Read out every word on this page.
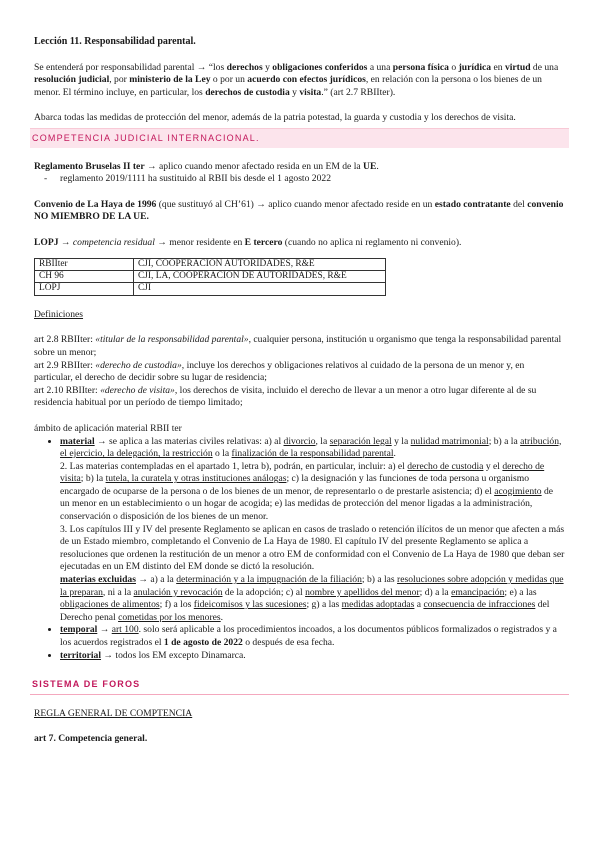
Lección 11. Responsabilidad parental.

Se entenderá por responsabilidad parental → “los derechos y obligaciones conferidos a una persona física o jurídica en virtud de una resolución judicial, por ministerio de la Ley o por un acuerdo con efectos jurídicos, en relación con la persona o los bienes de un menor. El término incluye, en particular, los derechos de custodia y visita.” (art 2.7 RBIIter).

Abarca todas las medidas de protección del menor, además de la patria potestad, la guarda y custodia y los derechos de visita.

COMPETENCIA JUDICIAL INTERNACIONAL.

Reglamento Bruselas II ter → aplico cuando menor afectado resida en un EM de la UE.

-	reglamento 2019/1111 ha sustituido al RBII bis desde el 1 agosto 2022

Convenio de La Haya de 1996 (que sustituyó al CH’61) → aplico cuando menor afectado reside en un estado contratante del convenio NO MIEMBRO DE LA UE.

LOPJ → competencia residual → menor residente en E tercero (cuando no aplica ni reglamento ni convenio).

RBIIter	CJI, COOPERACION AUTORIDADES, R&E
CH 96	CJI, LA, COOPERACION DE AUTORIDADES, R&E
LOPJ	CJI

Definiciones

art 2.8 RBIIter: «titular de la responsabilidad parental», cualquier persona, institución u organismo que tenga la responsabilidad parental sobre un menor;

art 2.9 RBIIter: «derecho de custodia», incluye los derechos y obligaciones relativos al cuidado de la persona de un menor y, en particular, el derecho de decidir sobre su lugar de residencia;

art 2.10 RBIIter: «derecho de visita», los derechos de visita, incluido el derecho de llevar a un menor a otro lugar diferente al de su residencia habitual por un período de tiempo limitado;

ámbito de aplicación material RBII ter

• material → se aplica a las materias civiles relativas: a) al divorcio, la separación legal y la nulidad matrimonial; b) a la atribución, el ejercicio, la delegación, la restricción o la finalización de la responsabilidad parental.

2. Las materias contempladas en el apartado 1, letra b), podrán, en particular, incluir: a) el derecho de custodia y el derecho de visita; b) la tutela, la curatela y otras instituciones análogas; c) la designación y las funciones de toda persona u organismo encargado de ocuparse de la persona o de los bienes de un menor, de representarlo o de prestarle asistencia; d) el acogimiento de un menor en un establecimiento o un hogar de acogida; e) las medidas de protección del menor ligadas a la administración, conservación o disposición de los bienes de un menor.

3. Los capítulos III y IV del presente Reglamento se aplican en casos de traslado o retención ilícitos de un menor que afecten a más de un Estado miembro, completando el Convenio de La Haya de 1980. El capítulo IV del presente Reglamento se aplica a resoluciones que ordenen la restitución de un menor a otro EM de conformidad con el Convenio de La Haya de 1980 que deban ser ejecutadas en un EM distinto del EM donde se dictó la resolución.

materias excluidas → a) a la determinación y a la impugnación de la filiación; b) a las resoluciones sobre adopción y medidas que la preparan, ni a la anulación y revocación de la adopción; c) al nombre y apellidos del menor; d) a la emancipación; e) a las obligaciones de alimentos; f) a los fideicomisos y las sucesiones; g) a las medidas adoptadas a consecuencia de infracciones del Derecho penal cometidas por los menores.

• temporal → art 100. solo será aplicable a los procedimientos incoados, a los documentos públicos formalizados o registrados y a los acuerdos registrados el 1 de agosto de 2022 o después de esa fecha.
• territorial → todos los EM excepto Dinamarca.
SISTEMA DE FOROS

REGLA GENERAL DE COMPTENCIA

art 7. Competencia general.
